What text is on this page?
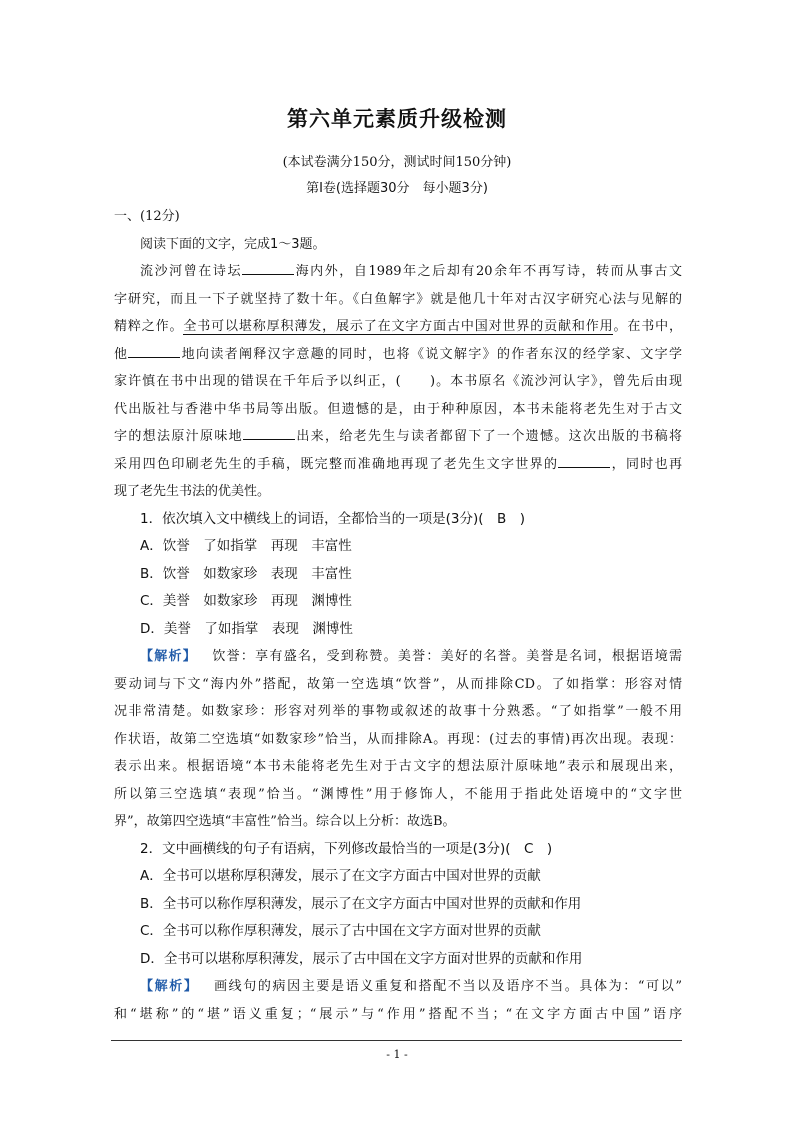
第六单元素质升级检测
(本试卷满分150分，测试时间150分钟)
第Ⅰ卷(选择题30分　每小题3分)
一、(12分)
阅读下面的文字，完成1～3题。
流沙河曾在诗坛	海内外，自1989年之后却有20余年不再写诗，转而从事古文
字研究，而且一下子就坚持了数十年。《白鱼解字》就是他几十年对古汉字研究心法与见解的
精粹之作。全书可以堪称厚积薄发，展示了在文字方面古中国对世界的贡献和作用。在书中，
他	地向读者阐释汉字意趣的同时，也将《说文解字》的作者东汉的经学家、文字学
家许慎在书中出现的错误在千年后予以纠正，(　　)。本书原名《流沙河认字》，曾先后由现
代出版社与香港中华书局等出版。但遗憾的是，由于种种原因，本书未能将老先生对于古文
字的想法原汁原味地	出来，给老先生与读者都留下了一个遗憾。这次出版的书稿将
采用四色印刷老先生的手稿，既完整而准确地再现了老先生文字世界的	，同时也再
现了老先生书法的优美性。
1．依次填入文中横线上的词语，全都恰当的一项是(3分)(　B　)
A．饮誉　了如指掌　再现　丰富性
B．饮誉　如数家珍　表现　丰富性
C．美誉　如数家珍　再现　渊博性
D．美誉　了如指掌　表现　渊博性
【解析】 饮誉：享有盛名，受到称赞。美誉：美好的名誉。美誉是名词，根据语境需
要动词与下文“海内外”搭配，故第一空选填“饮誉”，从而排除CD。了如指掌：形容对情
况非常清楚。如数家珍：形容对列举的事物或叙述的故事十分熟悉。“了如指掌”一般不用
作状语，故第二空选填“如数家珍”恰当，从而排除A。再现：(过去的事情)再次出现。表现：
表示出来。根据语境“本书未能将老先生对于古文字的想法原汁原味地”表示和展现出来，
所以第三空选填“表现”恰当。“渊博性”用于修饰人，不能用于指此处语境中的“文字世
界”，故第四空选填“丰富性”恰当。综合以上分析：故选B。
2．文中画横线的句子有语病，下列修改最恰当的一项是(3分)(　C　)
A．全书可以堪称厚积薄发，展示了在文字方面古中国对世界的贡献
B．全书可以称作厚积薄发，展示了在文字方面古中国对世界的贡献和作用
C．全书可以称作厚积薄发，展示了古中国在文字方面对世界的贡献
D．全书可以堪称厚积薄发，展示了古中国在文字方面对世界的贡献和作用
【解析】 画线句的病因主要是语义重复和搭配不当以及语序不当。具体为：“可以”
和“堪称”的“堪”语义重复；“展示”与“作用”搭配不当；“在文字方面古中国”语序
- 1 -
